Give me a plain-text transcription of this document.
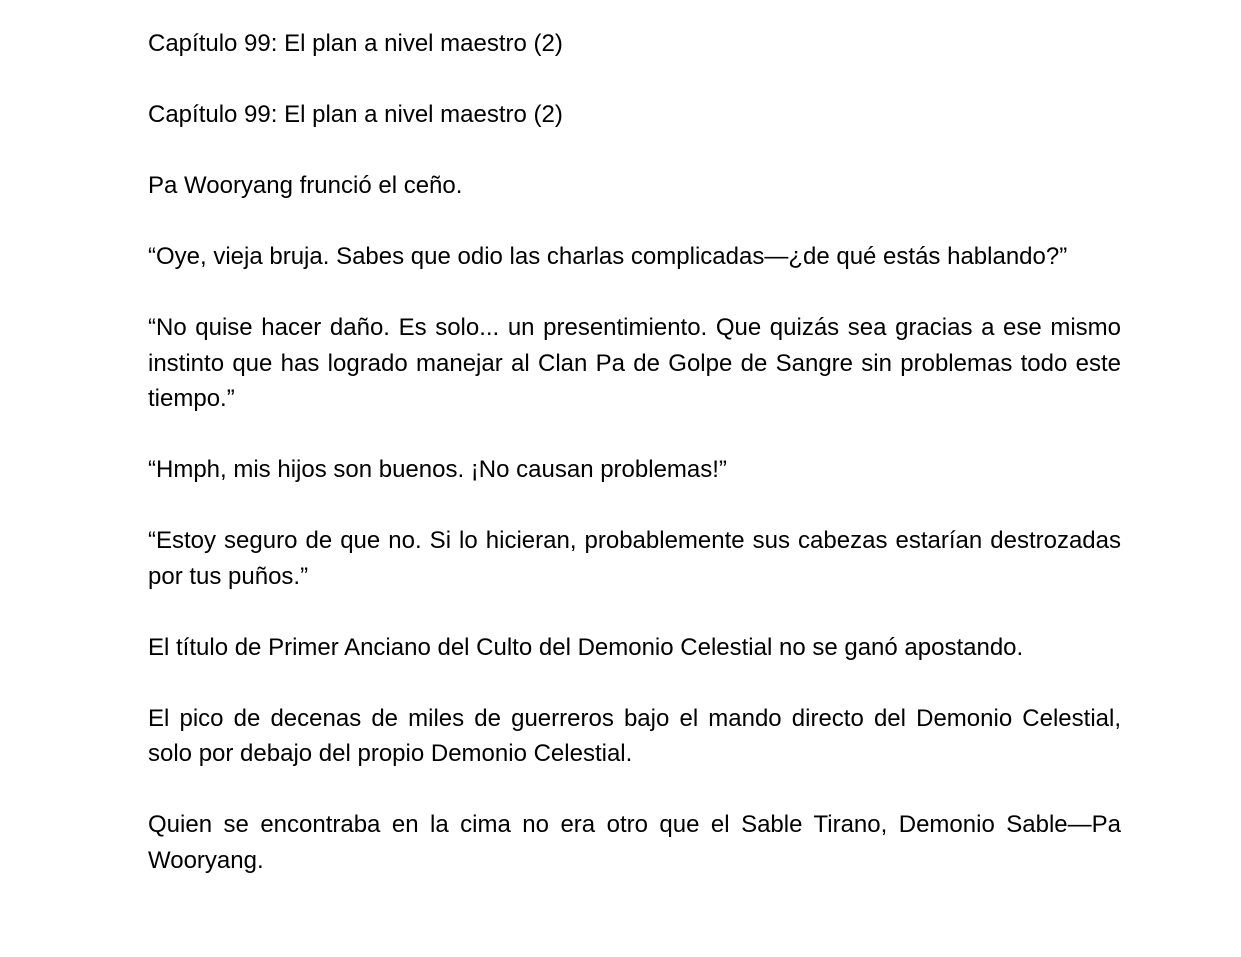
Capítulo 99: El plan a nivel maestro (2)

Capítulo 99: El plan a nivel maestro (2)

Pa Wooryang frunció el ceño.

“Oye, vieja bruja. Sabes que odio las charlas complicadas—¿de qué estás hablando?”

“No quise hacer daño. Es solo... un presentimiento. Que quizás sea gracias a ese mismo instinto que has logrado manejar al Clan Pa de Golpe de Sangre sin problemas todo este tiempo.”

“Hmph, mis hijos son buenos. ¡No causan problemas!”

“Estoy seguro de que no. Si lo hicieran, probablemente sus cabezas estarían destrozadas por tus puños.”

El título de Primer Anciano del Culto del Demonio Celestial no se ganó apostando.

El pico de decenas de miles de guerreros bajo el mando directo del Demonio Celestial, solo por debajo del propio Demonio Celestial.

Quien se encontraba en la cima no era otro que el Sable Tirano, Demonio Sable—Pa Wooryang.
